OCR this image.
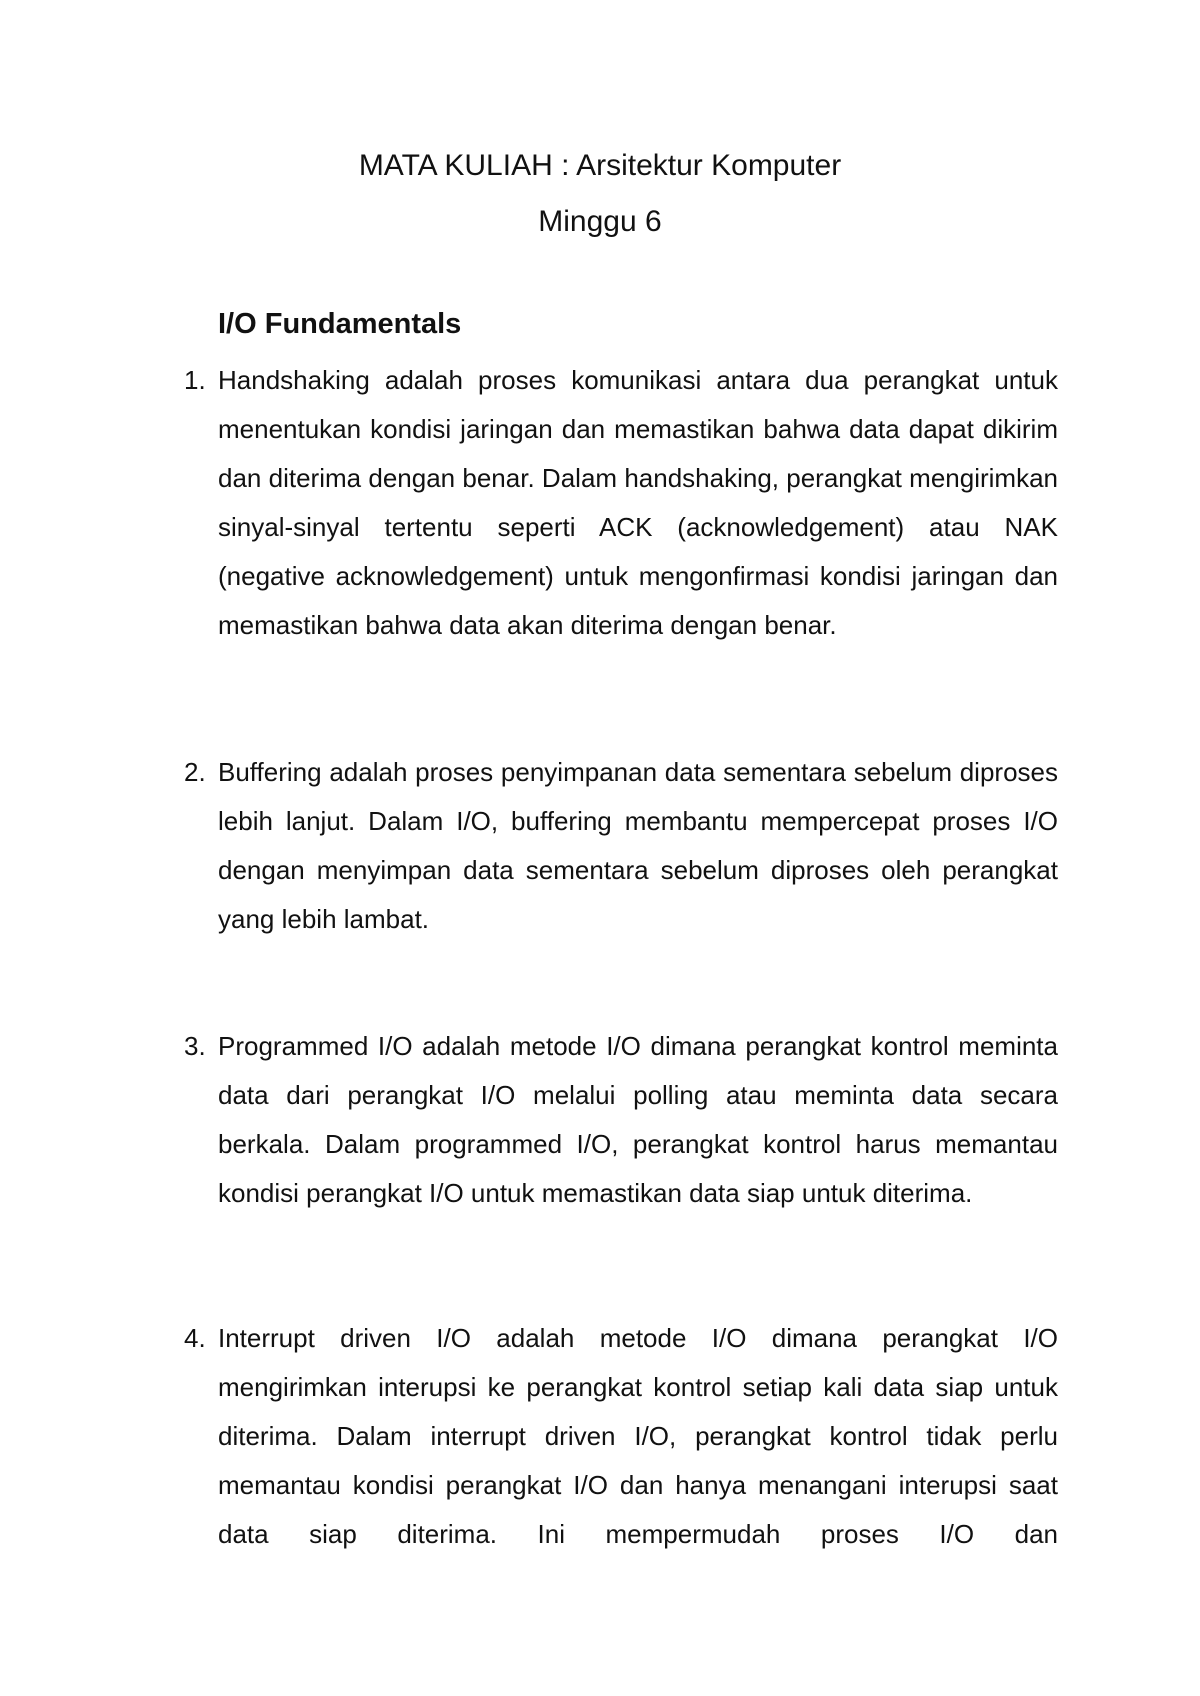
MATA KULIAH : Arsitektur Komputer
Minggu 6
I/O Fundamentals
1. Handshaking adalah proses komunikasi antara dua perangkat untuk menentukan kondisi jaringan dan memastikan bahwa data dapat dikirim dan diterima dengan benar. Dalam handshaking, perangkat mengirimkan sinyal-sinyal tertentu seperti ACK (acknowledgement) atau NAK (negative acknowledgement) untuk mengonfirmasi kondisi jaringan dan memastikan bahwa data akan diterima dengan benar.
2. Buffering adalah proses penyimpanan data sementara sebelum diproses lebih lanjut. Dalam I/O, buffering membantu mempercepat proses I/O dengan menyimpan data sementara sebelum diproses oleh perangkat yang lebih lambat.
3. Programmed I/O adalah metode I/O dimana perangkat kontrol meminta data dari perangkat I/O melalui polling atau meminta data secara berkala. Dalam programmed I/O, perangkat kontrol harus memantau kondisi perangkat I/O untuk memastikan data siap untuk diterima.
4. Interrupt driven I/O adalah metode I/O dimana perangkat I/O mengirimkan interupsi ke perangkat kontrol setiap kali data siap untuk diterima. Dalam interrupt driven I/O, perangkat kontrol tidak perlu memantau kondisi perangkat I/O dan hanya menangani interupsi saat data siap diterima. Ini mempermudah proses I/O dan
